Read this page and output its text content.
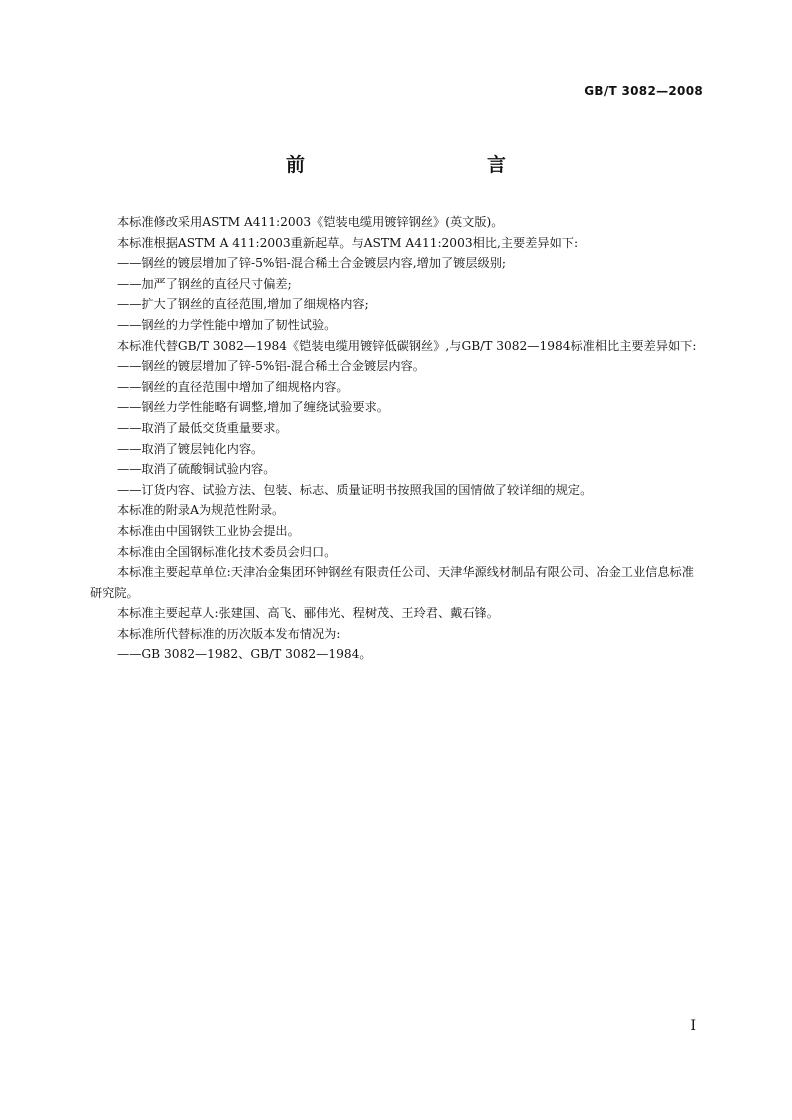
GB/T 3082—2008
前　　言
本标准修改采用ASTM A411:2003《铠装电缆用镀锌钢丝》(英文版)。
本标准根据ASTM A 411:2003重新起草。与ASTM A411:2003相比,主要差异如下:
——钢丝的镀层增加了锌-5%铝-混合稀土合金镀层内容,增加了镀层级别;
——加严了钢丝的直径尺寸偏差;
——扩大了钢丝的直径范围,增加了细规格内容;
——钢丝的力学性能中增加了韧性试验。
本标准代替GB/T 3082—1984《铠装电缆用镀锌低碳钢丝》,与GB/T 3082—1984标准相比主要差异如下:
——钢丝的镀层增加了锌-5%铝-混合稀土合金镀层内容。
——钢丝的直径范围中增加了细规格内容。
——钢丝力学性能略有调整,增加了缠绕试验要求。
——取消了最低交货重量要求。
——取消了镀层钝化内容。
——取消了硫酸铜试验内容。
——订货内容、试验方法、包装、标志、质量证明书按照我国的国情做了较详细的规定。
本标准的附录A为规范性附录。
本标准由中国钢铁工业协会提出。
本标准由全国钢标准化技术委员会归口。
本标准主要起草单位:天津冶金集团环钟钢丝有限责任公司、天津华源线材制品有限公司、冶金工业信息标准研究院。
本标准主要起草人:张建国、高飞、郦伟光、程树茂、王玲君、戴石锋。
本标准所代替标准的历次版本发布情况为:
——GB 3082—1982、GB/T 3082—1984。
I
